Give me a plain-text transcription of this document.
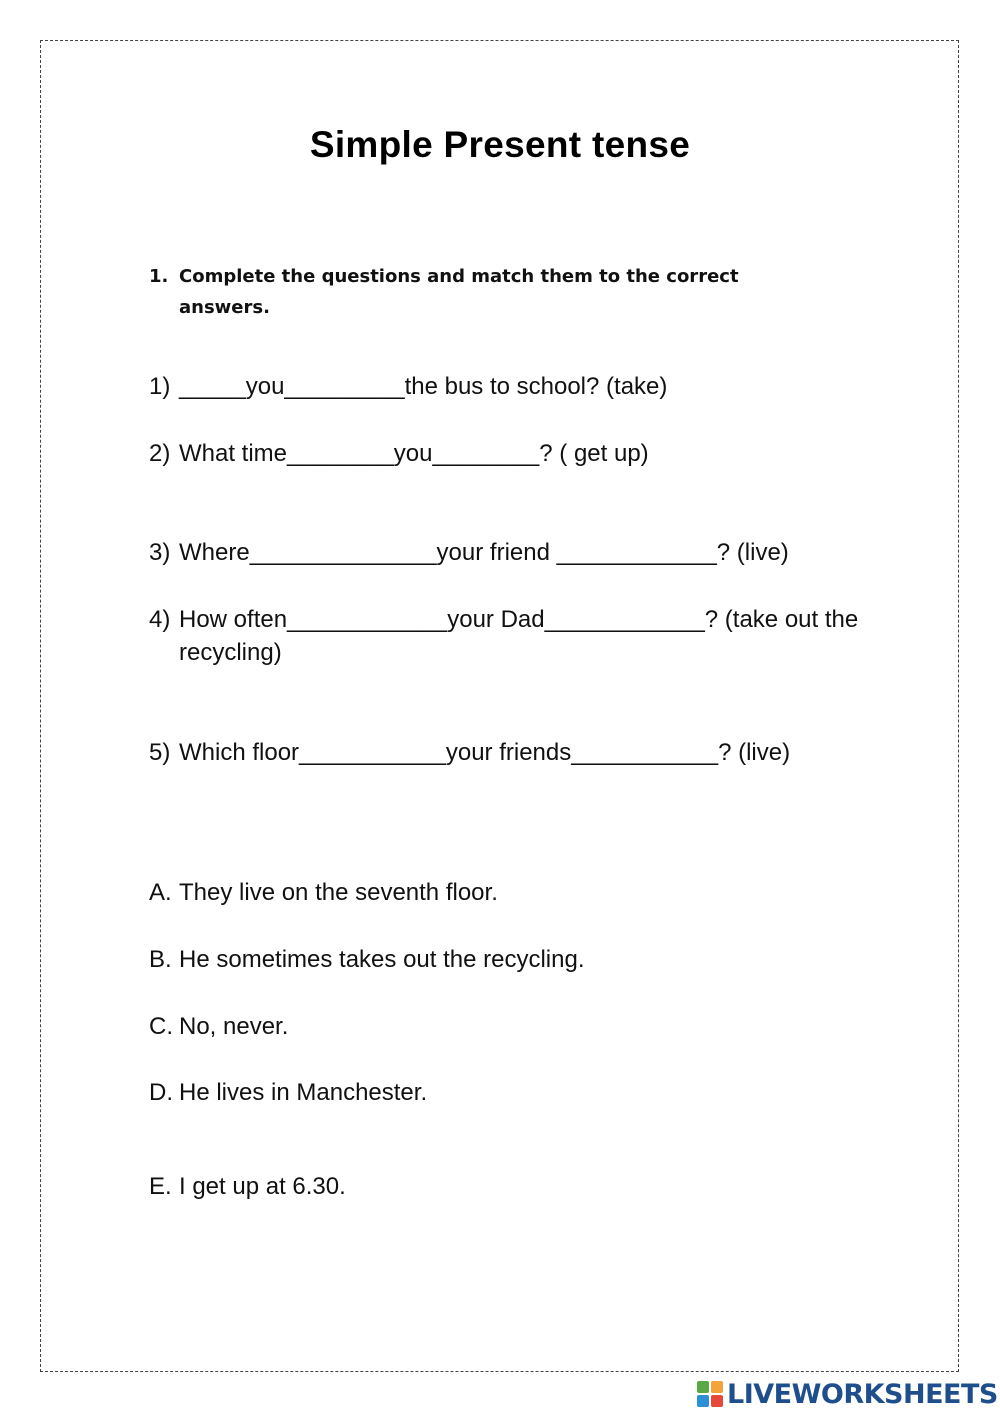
Simple Present tense
1. Complete the questions and match them to the correct answers.
1) _____you_________the bus to school? (take)
2) What time________you________? ( get up)
3) Where______________your friend ____________? (live)
4) How often____________your Dad____________? (take out the recycling)
5) Which floor___________your friends___________? (live)
A. They live on the seventh floor.
B. He sometimes takes out the recycling.
C. No, never.
D. He lives in Manchester.
E. I get up at 6.30.
LIVEWORKSHEETS
